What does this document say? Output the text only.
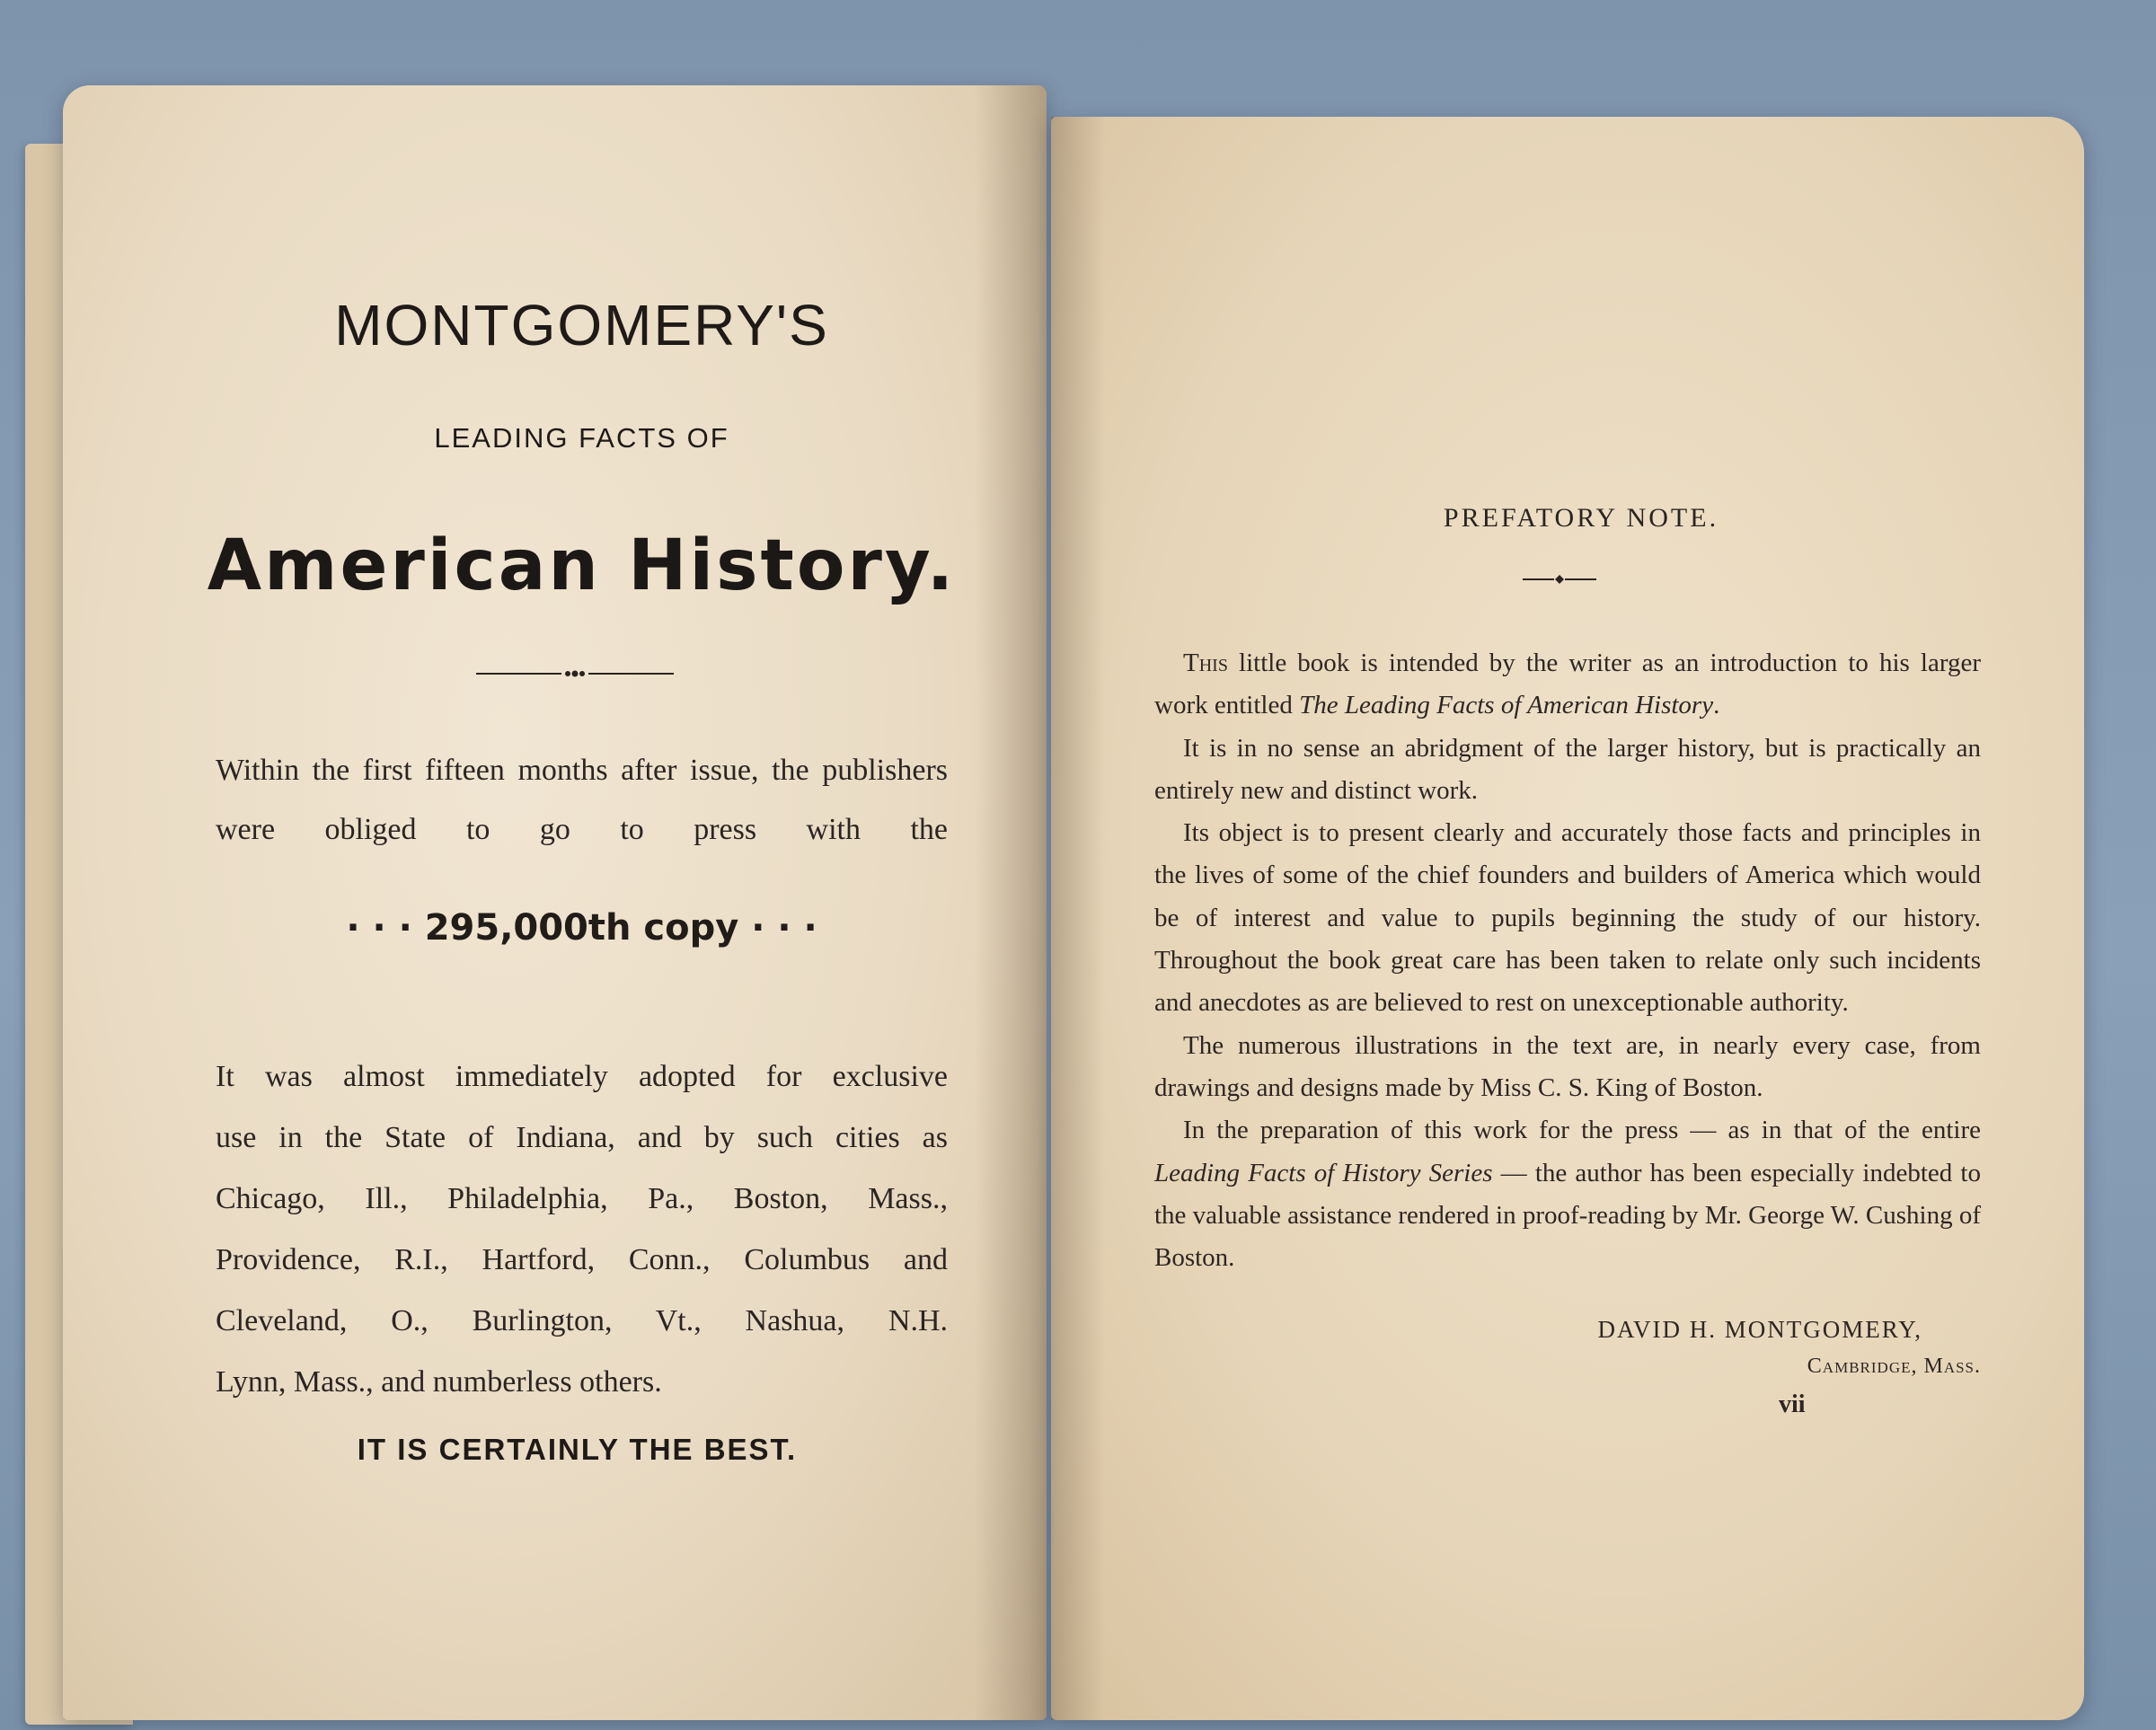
MONTGOMERY'S
LEADING FACTS OF
American History.
Within the first fifteen months after issue, the publishers were obliged to go to press with the
· · · 295,000th copy · · ·
It was almost immediately adopted for exclusive
use in the State of Indiana, and by such cities as
Chicago, Ill., Philadelphia, Pa., Boston, Mass.,
Providence, R.I., Hartford, Conn., Columbus and
Cleveland, O., Burlington, Vt., Nashua, N.H.
Lynn, Mass., and numberless others.
IT IS CERTAINLY THE BEST.
PREFATORY NOTE.

This little book is intended by the writer as an introduction to his larger work entitled The Leading Facts of American History.

It is in no sense an abridgment of the larger history, but is practically an entirely new and distinct work.

Its object is to present clearly and accurately those facts and principles in the lives of some of the chief founders and builders of America which would be of interest and value to pupils beginning the study of our history. Throughout the book great care has been taken to relate only such incidents and anecdotes as are believed to rest on unexceptionable authority.

The numerous illustrations in the text are, in nearly every case, from drawings and designs made by Miss C. S. King of Boston.

In the preparation of this work for the press — as in that of the entire Leading Facts of History Series — the author has been especially indebted to the valuable assistance rendered in proof-reading by Mr. George W. Cushing of Boston.

DAVID H. MONTGOMERY,
Cambridge, Mass.
vii
